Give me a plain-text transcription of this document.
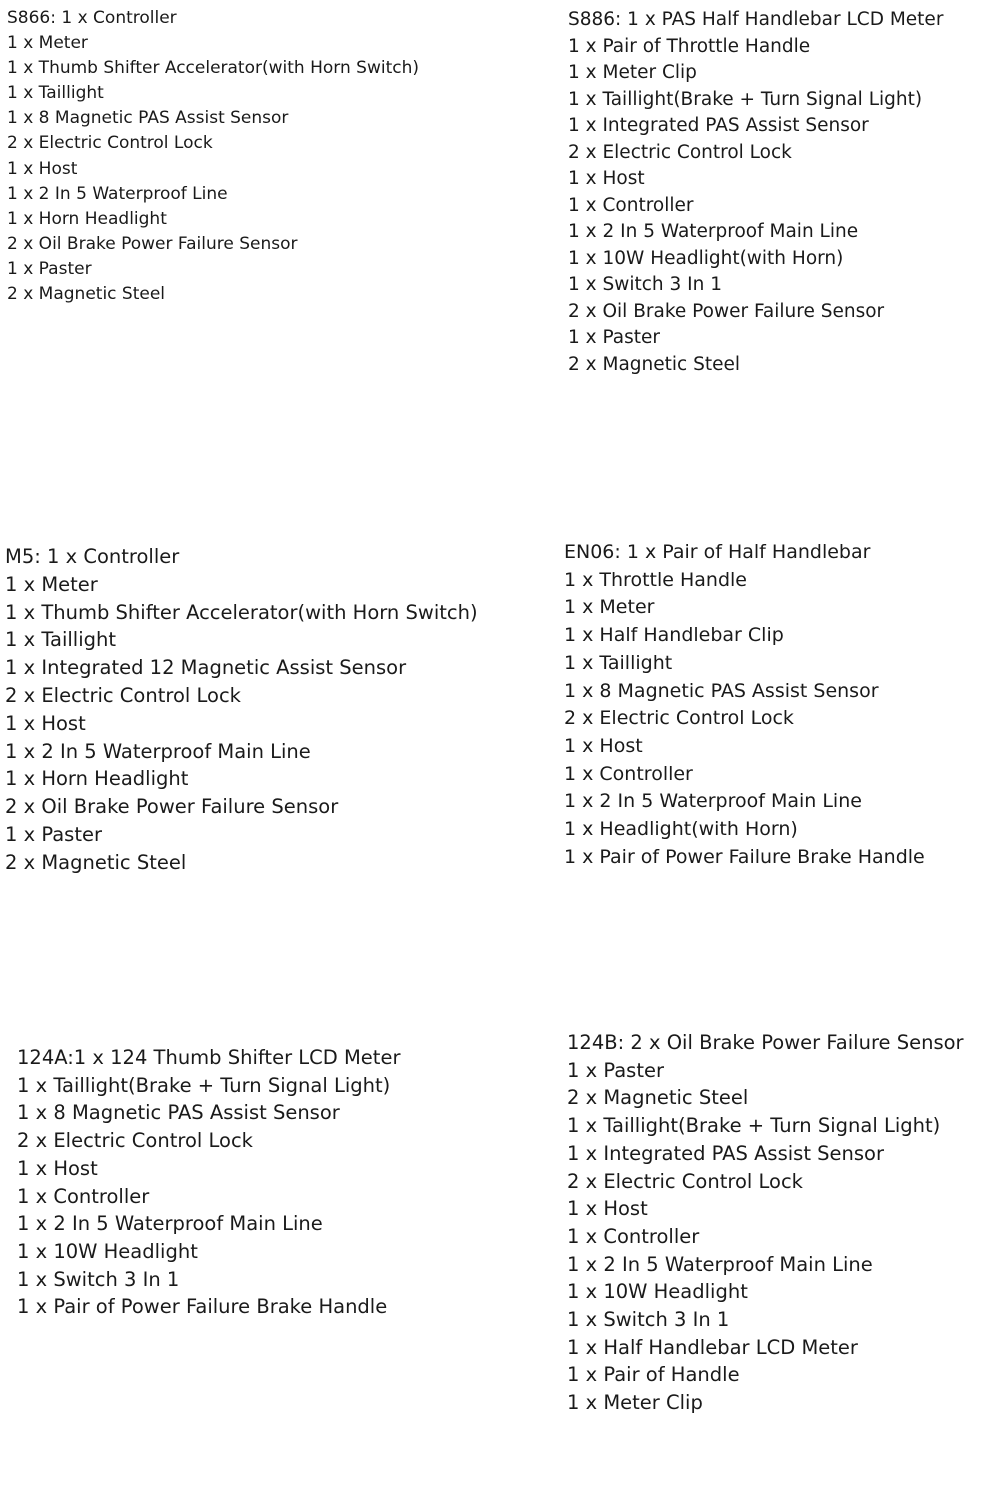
S866: 1 x Controller
1 x Meter
1 x Thumb Shifter Accelerator(with Horn Switch)
1 x Taillight
1 x 8 Magnetic PAS Assist Sensor
2 x Electric Control Lock
1 x Host
1 x 2 In 5 Waterproof Line
1 x Horn Headlight
2 x Oil Brake Power Failure Sensor
1 x Paster
2 x Magnetic Steel
S886: 1 x PAS Half Handlebar LCD Meter
1 x Pair of Throttle Handle
1 x Meter Clip
1 x Taillight(Brake + Turn Signal Light)
1 x Integrated PAS Assist Sensor
2 x Electric Control Lock
1 x Host
1 x Controller
1 x 2 In 5 Waterproof Main Line
1 x 10W Headlight(with Horn)
1 x Switch 3 In 1
2 x Oil Brake Power Failure Sensor
1 x Paster
2 x Magnetic Steel
M5: 1 x Controller
1 x Meter
1 x Thumb Shifter Accelerator(with Horn Switch)
1 x Taillight
1 x Integrated 12 Magnetic Assist Sensor
2 x Electric Control Lock
1 x Host
1 x 2 In 5 Waterproof Main Line
1 x Horn Headlight
2 x Oil Brake Power Failure Sensor
1 x Paster
2 x Magnetic Steel
EN06: 1 x Pair of Half Handlebar
1 x Throttle Handle
1 x Meter
1 x Half Handlebar Clip
1 x Taillight
1 x 8 Magnetic PAS Assist Sensor
2 x Electric Control Lock
1 x Host
1 x Controller
1 x 2 In 5 Waterproof Main Line
1 x Headlight(with Horn)
1 x Pair of Power Failure Brake Handle
124A:1 x 124 Thumb Shifter LCD Meter
1 x Taillight(Brake + Turn Signal Light)
1 x 8 Magnetic PAS Assist Sensor
2 x Electric Control Lock
1 x Host
1 x Controller
1 x 2 In 5 Waterproof Main Line
1 x 10W Headlight
1 x Switch 3 In 1
1 x Pair of Power Failure Brake Handle
124B: 2 x Oil Brake Power Failure Sensor
1 x Paster
2 x Magnetic Steel
1 x Taillight(Brake + Turn Signal Light)
1 x Integrated PAS Assist Sensor
2 x Electric Control Lock
1 x Host
1 x Controller
1 x 2 In 5 Waterproof Main Line
1 x 10W Headlight
1 x Switch 3 In 1
1 x Half Handlebar LCD Meter
1 x Pair of Handle
1 x Meter Clip
